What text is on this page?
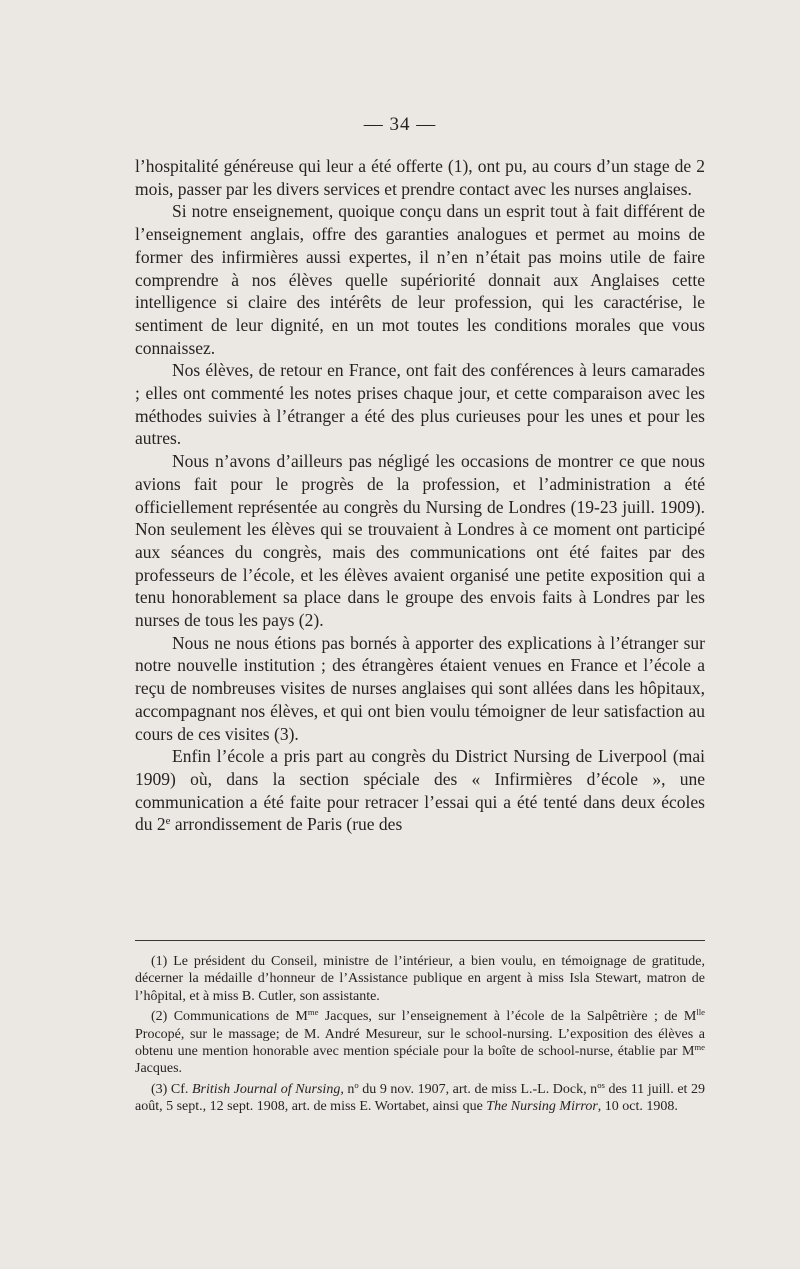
— 34 —

l’hospitalité généreuse qui leur a été offerte (1), ont pu, au cours d’un stage de 2 mois, passer par les divers services et prendre contact avec les nurses anglaises.

Si notre enseignement, quoique conçu dans un esprit tout à fait différent de l’enseignement anglais, offre des garanties analogues et permet au moins de former des infirmières aussi expertes, il n’en n’était pas moins utile de faire comprendre à nos élèves quelle supériorité donnait aux Anglaises cette intelligence si claire des intérêts de leur profession, qui les caractérise, le sentiment de leur dignité, en un mot toutes les conditions morales que vous connaissez.

Nos élèves, de retour en France, ont fait des conférences à leurs camarades ; elles ont commenté les notes prises chaque jour, et cette comparaison avec les méthodes suivies à l’étranger a été des plus curieuses pour les unes et pour les autres.

Nous n’avons d’ailleurs pas négligé les occasions de montrer ce que nous avions fait pour le progrès de la profession, et l’administration a été officiellement représentée au congrès du Nursing de Londres (19-23 juill. 1909). Non seulement les élèves qui se trouvaient à Londres à ce moment ont participé aux séances du congrès, mais des communications ont été faites par des professeurs de l’école, et les élèves avaient organisé une petite exposition qui a tenu honorablement sa place dans le groupe des envois faits à Londres par les nurses de tous les pays (2).

Nous ne nous étions pas bornés à apporter des explications à l’étranger sur notre nouvelle institution ; des étrangères étaient venues en France et l’école a reçu de nombreuses visites de nurses anglaises qui sont allées dans les hôpitaux, accompagnant nos élèves, et qui ont bien voulu témoigner de leur satisfaction au cours de ces visites (3).

Enfin l’école a pris part au congrès du District Nursing de Liverpool (mai 1909) où, dans la section spéciale des « Infirmières d’école », une communication a été faite pour retracer l’essai qui a été tenté dans deux écoles du 2e arrondissement de Paris (rue des

(1) Le président du Conseil, ministre de l’intérieur, a bien voulu, en témoignage de gratitude, décerner la médaille d’honneur de l’Assistance publique en argent à miss Isla Stewart, matron de l’hôpital, et à miss B. Cutler, son assistante.

(2) Communications de $M^{me}$ Jacques, sur l’enseignement à l’école de la Salpêtrière ; de $M^{lle}$ Procopé, sur le massage; de M. André Mesureur, sur le school-nursing. L’exposition des élèves a obtenu une mention honorable avec mention spéciale pour la boîte de school-nurse, établie par $M^{me}$ Jacques.

(3) Cf. British Journal of Nursing, $n^o$ du 9 nov. 1907, art. de miss L.-L. Dock, $n^{os}$ des 11 juill. et 29 août, 5 sept., 12 sept. 1908, art. de miss E. Wortabet, ainsi que The Nursing Mirror, 10 oct. 1908.
